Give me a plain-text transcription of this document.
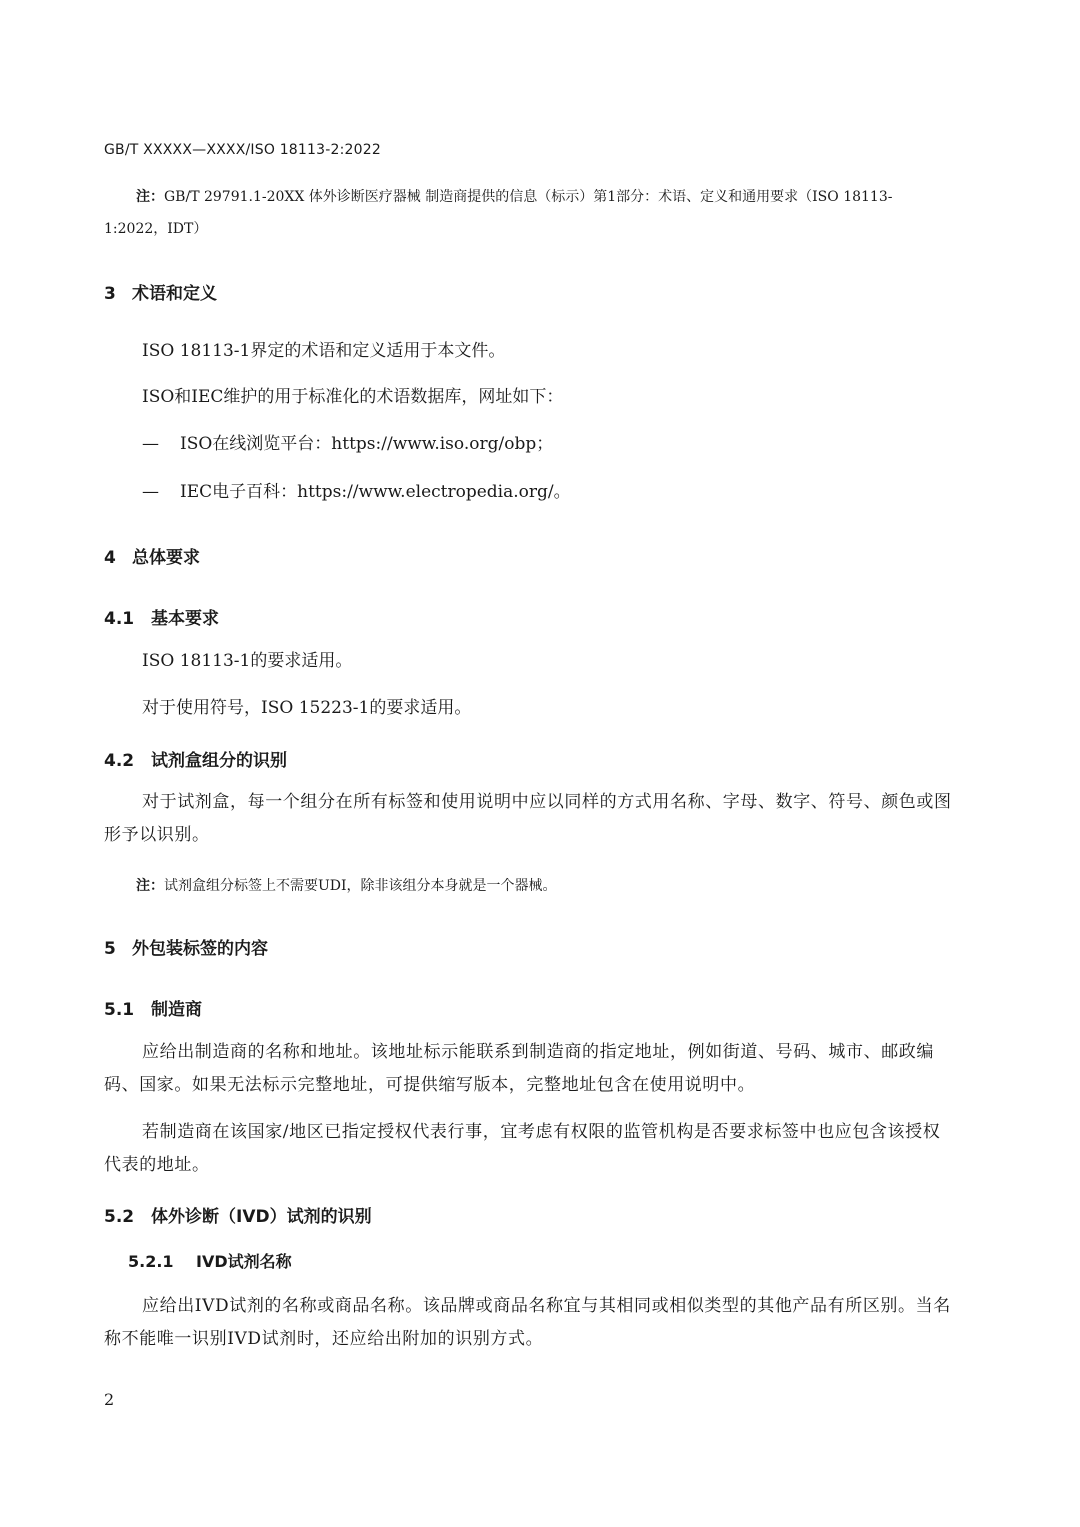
GB/T XXXXX—XXXX/ISO 18113-2:2022
注：GB/T 29791.1-20XX 体外诊断医疗器械 制造商提供的信息（标示）第1部分：术语、定义和通用要求（ISO 18113-
1:2022，IDT）
3 术语和定义
ISO 18113-1界定的术语和定义适用于本文件。
ISO和IEC维护的用于标准化的术语数据库，网址如下：
— ISO在线浏览平台：https://www.iso.org/obp；
— IEC电子百科：https://www.electropedia.org/。
4 总体要求
4.1 基本要求
ISO 18113-1的要求适用。
对于使用符号，ISO 15223-1的要求适用。
4.2 试剂盒组分的识别
对于试剂盒，每一个组分在所有标签和使用说明中应以同样的方式用名称、字母、数字、符号、颜色或图形予以识别。
注：试剂盒组分标签上不需要UDI，除非该组分本身就是一个器械。
5 外包装标签的内容
5.1 制造商
应给出制造商的名称和地址。该地址标示能联系到制造商的指定地址，例如街道、号码、城市、邮政编码、国家。如果无法标示完整地址，可提供缩写版本，完整地址包含在使用说明中。
若制造商在该国家/地区已指定授权代表行事，宜考虑有权限的监管机构是否要求标签中也应包含该授权代表的地址。
5.2 体外诊断（IVD）试剂的识别
5.2.1 IVD试剂名称
应给出IVD试剂的名称或商品名称。该品牌或商品名称宜与其相同或相似类型的其他产品有所区别。当名称不能唯一识别IVD试剂时，还应给出附加的识别方式。
2
